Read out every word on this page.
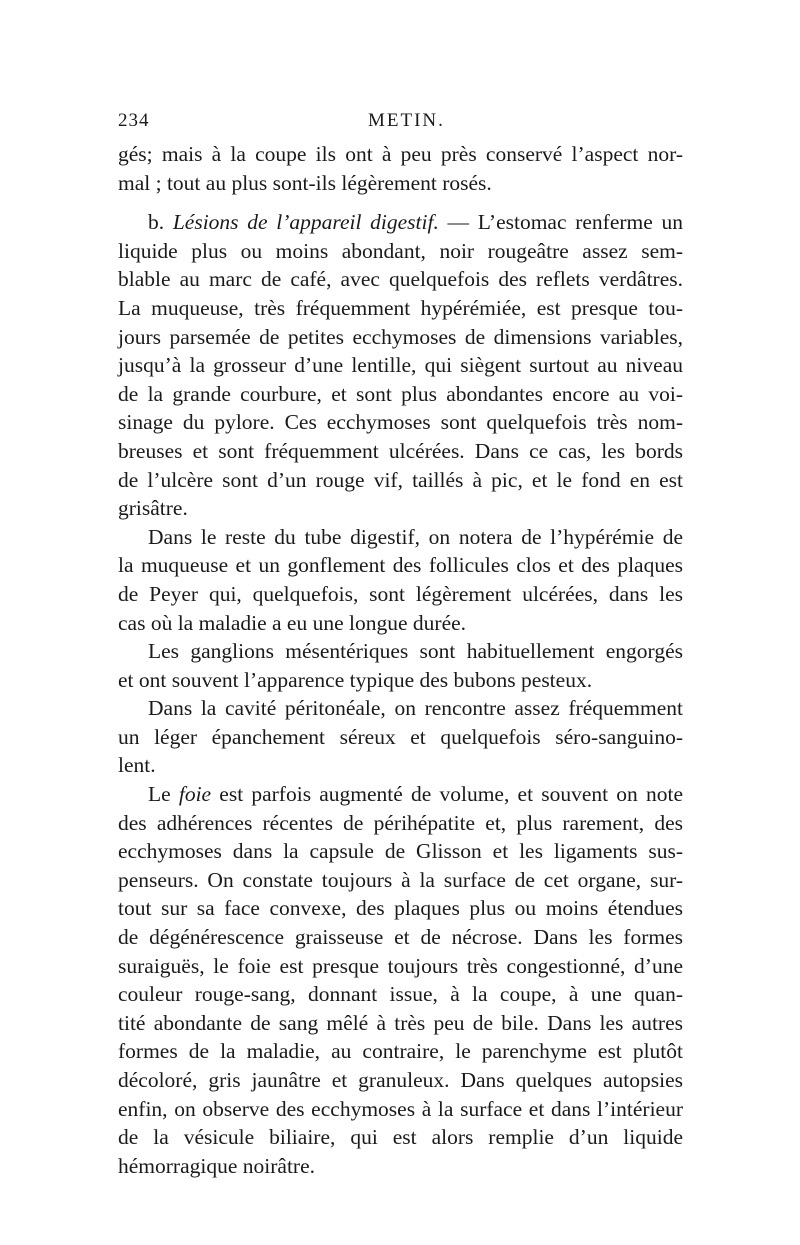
234	METIN.
gés; mais à la coupe ils ont à peu près conservé l’aspect nor-
mal ; tout au plus sont-ils légèrement rosés.
b. Lésions de l’appareil digestif. — L’estomac renferme un
liquide plus ou moins abondant, noir rougeâtre assez sem-
blable au marc de café, avec quelquefois des reflets verdâtres.
La muqueuse, très fréquemment hypérémiée, est presque tou-
jours parsemée de petites ecchymoses de dimensions variables,
jusqu’à la grosseur d’une lentille, qui siègent surtout au niveau
de la grande courbure, et sont plus abondantes encore au voi-
sinage du pylore. Ces ecchymoses sont quelquefois très nom-
breuses et sont fréquemment ulcérées. Dans ce cas, les bords
de l’ulcère sont d’un rouge vif, taillés à pic, et le fond en est
grisâtre.
Dans le reste du tube digestif, on notera de l’hypérémie de
la muqueuse et un gonflement des follicules clos et des plaques
de Peyer qui, quelquefois, sont légèrement ulcérées, dans les
cas où la maladie a eu une longue durée.
Les ganglions mésentériques sont habituellement engorgés
et ont souvent l’apparence typique des bubons pesteux.
Dans la cavité péritonéale, on rencontre assez fréquemment
un léger épanchement séreux et quelquefois séro-sanguino-
lent.
Le foie est parfois augmenté de volume, et souvent on note
des adhérences récentes de périhépatite et, plus rarement, des
ecchymoses dans la capsule de Glisson et les ligaments sus-
penseurs. On constate toujours à la surface de cet organe, sur-
tout sur sa face convexe, des plaques plus ou moins étendues
de dégénérescence graisseuse et de nécrose. Dans les formes
suraiguës, le foie est presque toujours très congestionné, d’une
couleur rouge-sang, donnant issue, à la coupe, à une quan-
tité abondante de sang mêlé à très peu de bile. Dans les autres
formes de la maladie, au contraire, le parenchyme est plutôt
décoloré, gris jaunâtre et granuleux. Dans quelques autopsies
enfin, on observe des ecchymoses à la surface et dans l’intérieur
de la vésicule biliaire, qui est alors remplie d’un liquide
hémorragique noirâtre.
